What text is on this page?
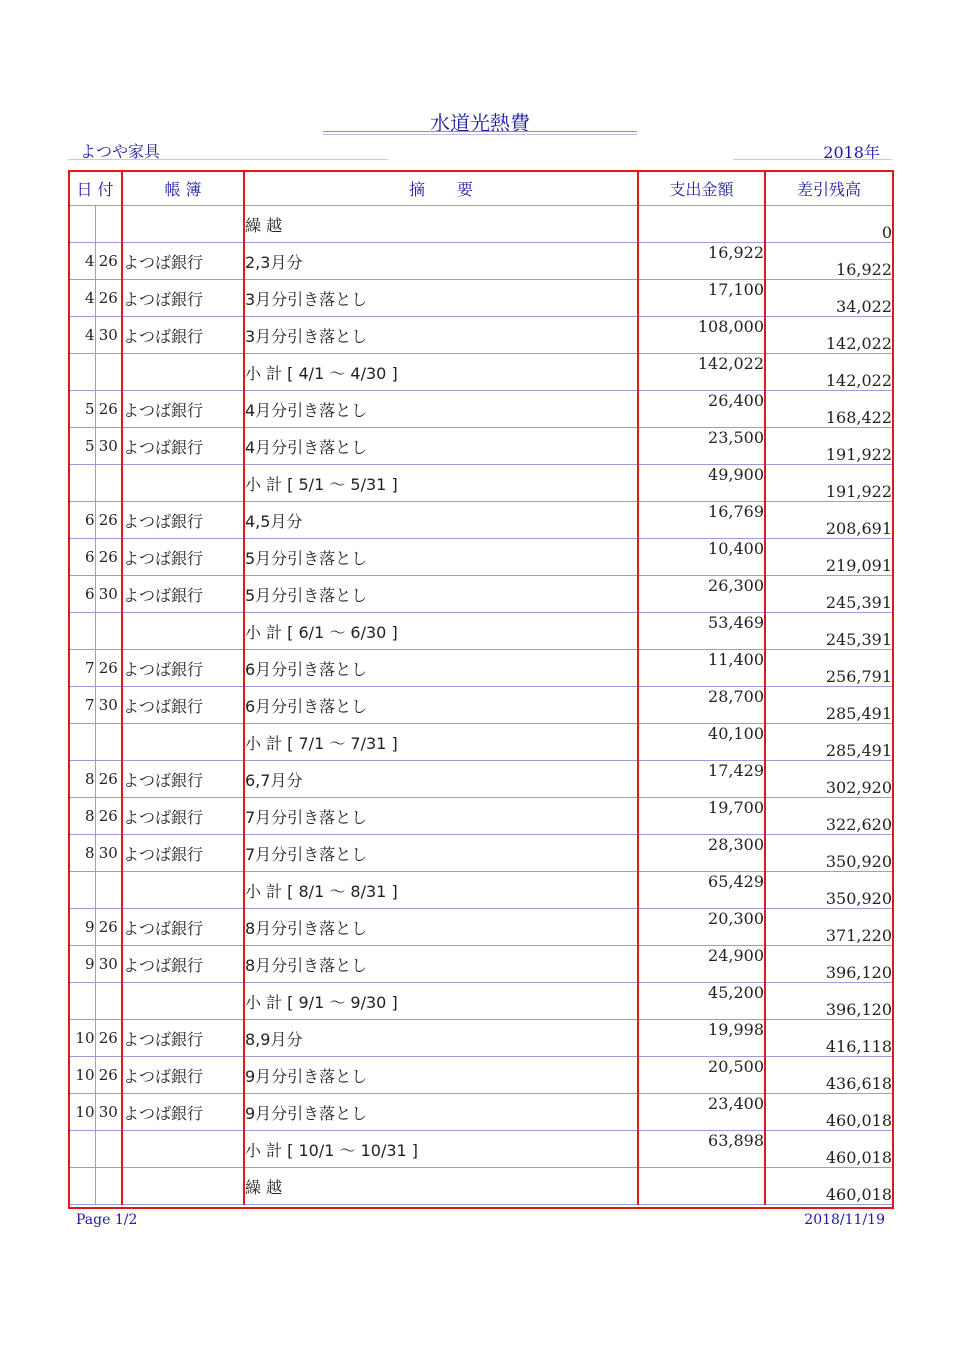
水道光熱費
よつや家具	2018年
日 付		帳 簿	摘　　要	支出金額	差引残高
			繰 越		0
4	26	よつば銀行	2,3月分	16,922	16,922
4	26	よつば銀行	3月分引き落とし	17,100	34,022
4	30	よつば銀行	3月分引き落とし	108,000	142,022
			小 計 [ 4/1 ～ 4/30 ]	142,022	142,022
5	26	よつば銀行	4月分引き落とし	26,400	168,422
5	30	よつば銀行	4月分引き落とし	23,500	191,922
			小 計 [ 5/1 ～ 5/31 ]	49,900	191,922
6	26	よつば銀行	4,5月分	16,769	208,691
6	26	よつば銀行	5月分引き落とし	10,400	219,091
6	30	よつば銀行	5月分引き落とし	26,300	245,391
			小 計 [ 6/1 ～ 6/30 ]	53,469	245,391
7	26	よつば銀行	6月分引き落とし	11,400	256,791
7	30	よつば銀行	6月分引き落とし	28,700	285,491
			小 計 [ 7/1 ～ 7/31 ]	40,100	285,491
8	26	よつば銀行	6,7月分	17,429	302,920
8	26	よつば銀行	7月分引き落とし	19,700	322,620
8	30	よつば銀行	7月分引き落とし	28,300	350,920
			小 計 [ 8/1 ～ 8/31 ]	65,429	350,920
9	26	よつば銀行	8月分引き落とし	20,300	371,220
9	30	よつば銀行	8月分引き落とし	24,900	396,120
			小 計 [ 9/1 ～ 9/30 ]	45,200	396,120
10	26	よつば銀行	8,9月分	19,998	416,118
10	26	よつば銀行	9月分引き落とし	20,500	436,618
10	30	よつば銀行	9月分引き落とし	23,400	460,018
			小 計 [ 10/1 ～ 10/31 ]	63,898	460,018
			繰 越		460,018
Page 1/2	2018/11/19
